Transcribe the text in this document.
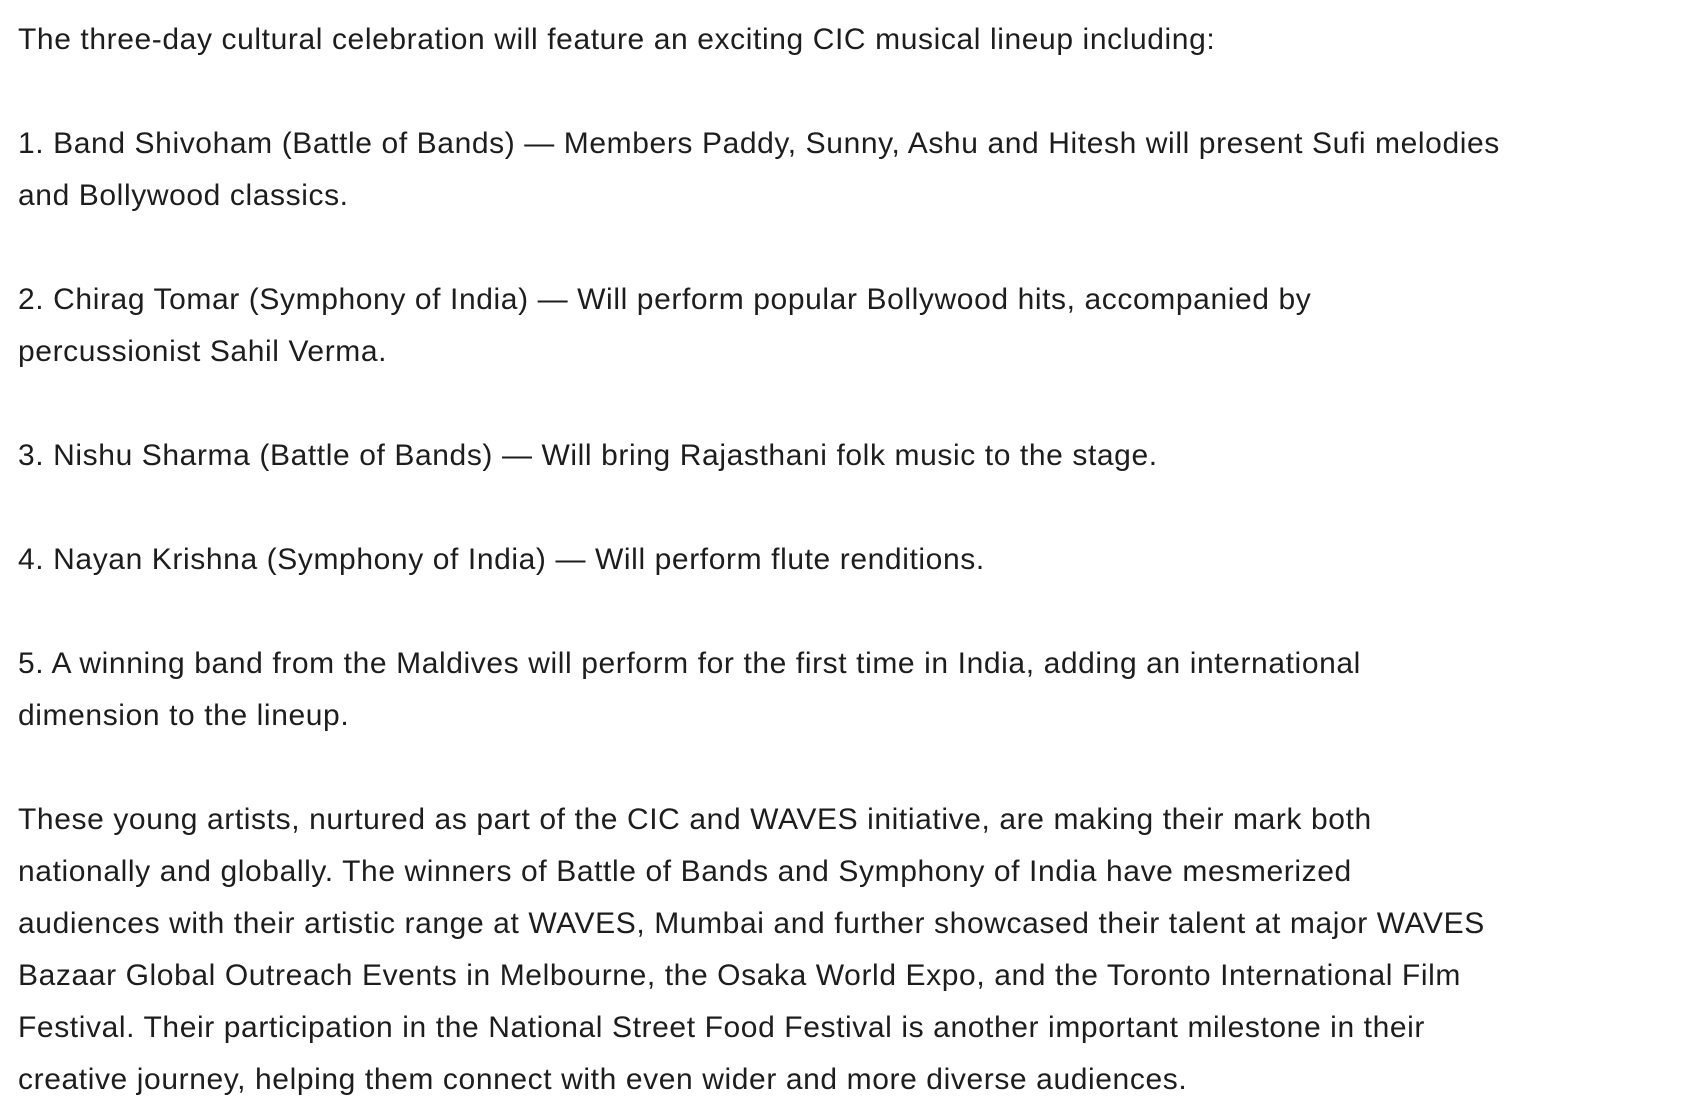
The three-day cultural celebration will feature an exciting CIC musical lineup including:

1. Band Shivoham (Battle of Bands) — Members Paddy, Sunny, Ashu and Hitesh will present Sufi melodies
and Bollywood classics.

2. Chirag Tomar (Symphony of India) — Will perform popular Bollywood hits, accompanied by
percussionist Sahil Verma.

3. Nishu Sharma (Battle of Bands) — Will bring Rajasthani folk music to the stage.

4. Nayan Krishna (Symphony of India) — Will perform flute renditions.

5. A winning band from the Maldives will perform for the first time in India, adding an international
dimension to the lineup.

These young artists, nurtured as part of the CIC and WAVES initiative, are making their mark both
nationally and globally. The winners of Battle of Bands and Symphony of India have mesmerized
audiences with their artistic range at WAVES, Mumbai and further showcased their talent at major WAVES
Bazaar Global Outreach Events in Melbourne, the Osaka World Expo, and the Toronto International Film
Festival. Their participation in the National Street Food Festival is another important milestone in their
creative journey, helping them connect with even wider and more diverse audiences.
